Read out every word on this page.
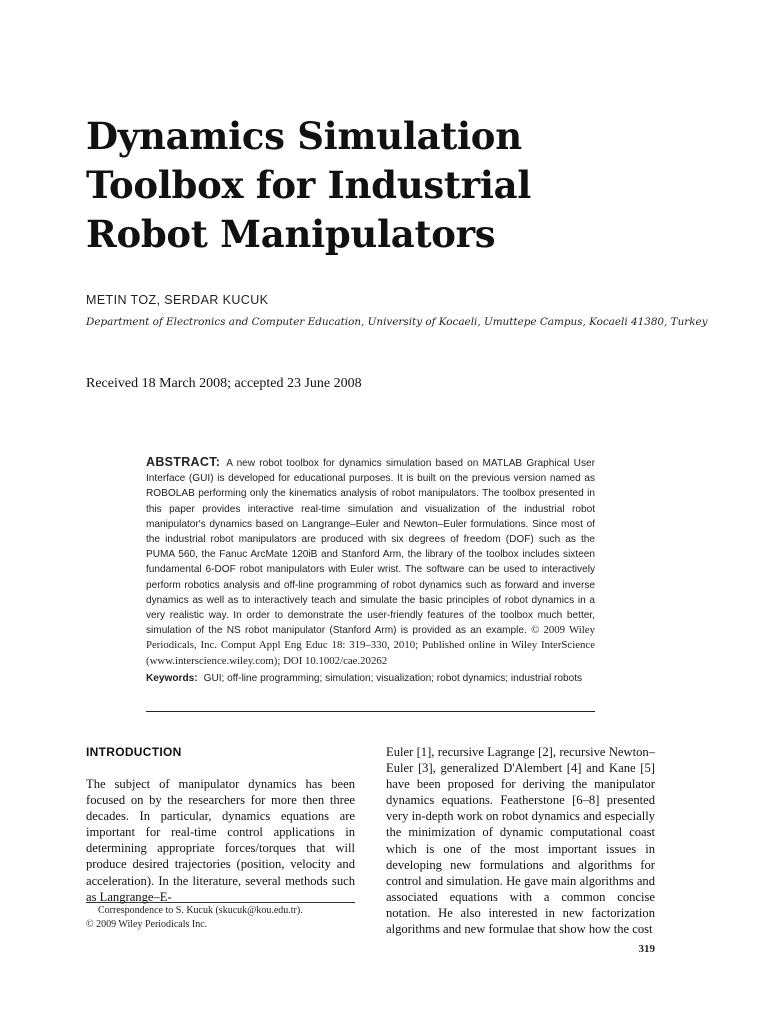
Dynamics Simulation Toolbox for Industrial Robot Manipulators
METIN TOZ, SERDAR KUCUK
Department of Electronics and Computer Education, University of Kocaeli, Umuttepe Campus, Kocaeli 41380, Turkey
Received 18 March 2008; accepted 23 June 2008
ABSTRACT: A new robot toolbox for dynamics simulation based on MATLAB Graphical User Interface (GUI) is developed for educational purposes. It is built on the previous version named as ROBOLAB performing only the kinematics analysis of robot manipulators. The toolbox presented in this paper provides interactive real-time simulation and visualization of the industrial robot manipulator's dynamics based on Langrange–Euler and Newton–Euler formulations. Since most of the industrial robot manipulators are produced with six degrees of freedom (DOF) such as the PUMA 560, the Fanuc ArcMate 120iB and Stanford Arm, the library of the toolbox includes sixteen fundamental 6-DOF robot manipulators with Euler wrist. The software can be used to interactively perform robotics analysis and off-line programming of robot dynamics such as forward and inverse dynamics as well as to interactively teach and simulate the basic principles of robot dynamics in a very realistic way. In order to demonstrate the user-friendly features of the toolbox much better, simulation of the NS robot manipulator (Stanford Arm) is provided as an example. © 2009 Wiley Periodicals, Inc. Comput Appl Eng Educ 18: 319–330, 2010; Published online in Wiley InterScience (www.interscience.wiley.com); DOI 10.1002/cae.20262
Keywords: GUI; off-line programming; simulation; visualization; robot dynamics; industrial robots
INTRODUCTION
The subject of manipulator dynamics has been focused on by the researchers for more then three decades. In particular, dynamics equations are important for real-time control applications in determining appropriate forces/torques that will produce desired trajectories (position, velocity and acceleration). In the literature, several methods such as Langrange–E-
Euler [1], recursive Lagrange [2], recursive Newton–Euler [3], generalized D'Alembert [4] and Kane [5] have been proposed for deriving the manipulator dynamics equations. Featherstone [6–8] presented very in-depth work on robot dynamics and especially the minimization of dynamic computational coast which is one of the most important issues in developing new formulations and algorithms for control and simulation. He gave main algorithms and associated equations with a common concise notation. He also interested in new factorization algorithms and new formulae that show how the cost
Correspondence to S. Kucuk (skucuk@kou.edu.tr).
© 2009 Wiley Periodicals Inc.
319
